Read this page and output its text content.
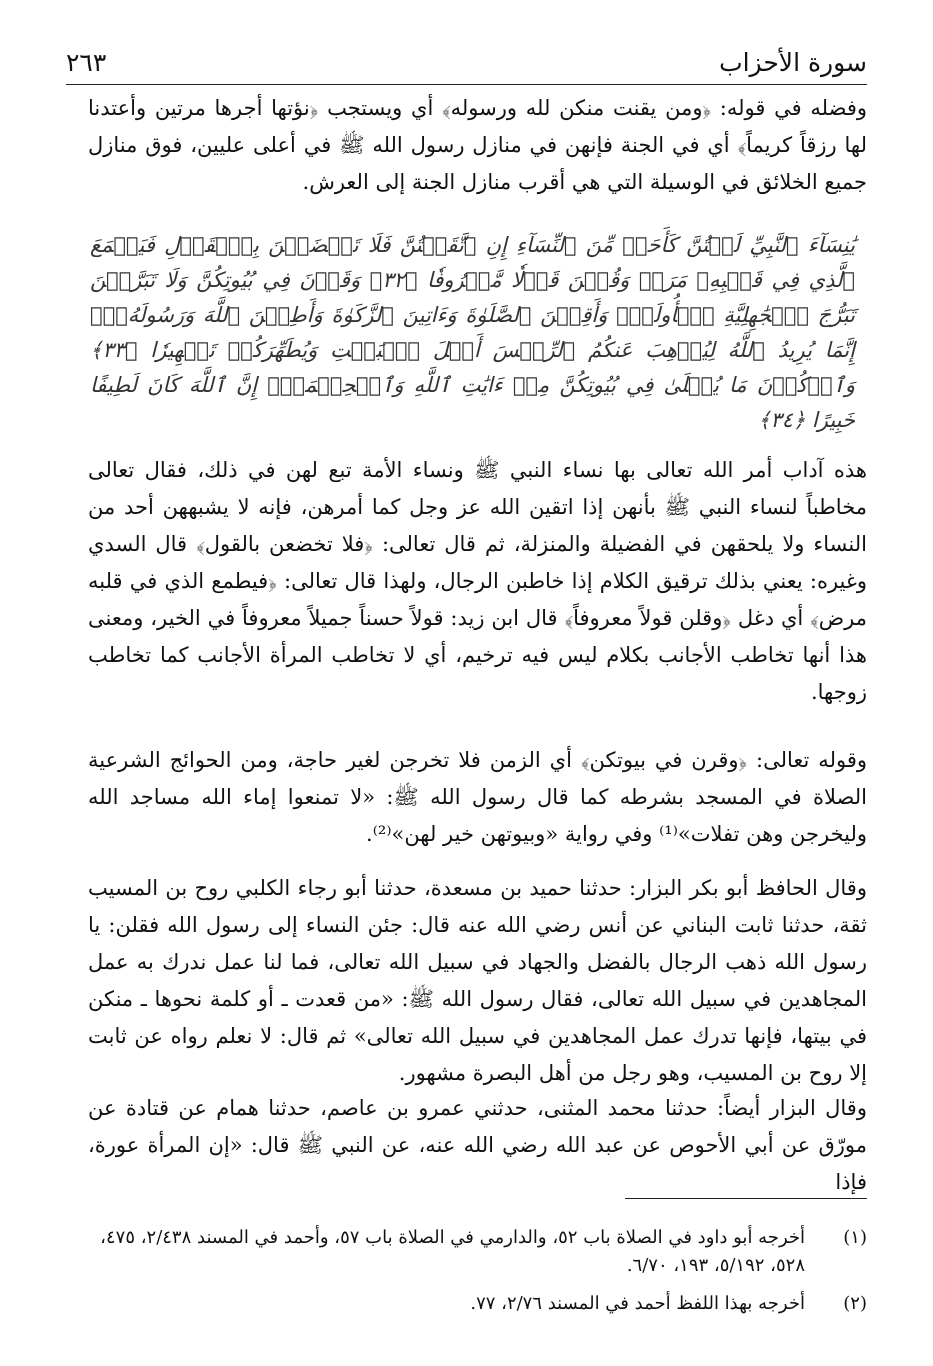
سورة الأحزاب
٢٦٣

وفضله في قوله: ﴿ومن يقنت منكن لله ورسوله﴾ أي ويستجب ﴿نؤتها أجرها مرتين وأعتدنا لها رزقاً كريماً﴾ أي في الجنة فإنهن في منازل رسول الله ﷺ في أعلى عليين، فوق منازل جميع الخلائق في الوسيلة التي هي أقرب منازل الجنة إلى العرش.

يَٰنِسَآءَ ٱلنَّبِيِّ لَسۡتُنَّ كَأَحَدٖ مِّنَ ٱلنِّسَآءِ إِنِ ٱتَّقَيۡتُنَّ فَلَا تَخۡضَعۡنَ بِٱلۡقَوۡلِ فَيَطۡمَعَ ٱلَّذِي فِي قَلۡبِهِۦ مَرَضٞ وَقُلۡنَ قَوۡلٗا مَّعۡرُوفٗا ﴿٣٢﴾ وَقَرۡنَ فِي بُيُوتِكُنَّ وَلَا تَبَرَّجۡنَ تَبَرُّجَ ٱلۡجَٰهِلِيَّةِ ٱلۡأُولَىٰۖ وَأَقِمۡنَ ٱلصَّلَوٰةَ وَءَاتِينَ ٱلزَّكَوٰةَ وَأَطِعۡنَ ٱللَّهَ وَرَسُولَهُۥٓۚ إِنَّمَا يُرِيدُ ٱللَّهُ لِيُذۡهِبَ عَنكُمُ ٱلرِّجۡسَ أَهۡلَ ٱلۡبَيۡتِ وَيُطَهِّرَكُمۡ تَطۡهِيرٗا ﴿٣٣﴾ وَٱذۡكُرۡنَ مَا يُتۡلَىٰ فِي بُيُوتِكُنَّ مِنۡ ءَايَٰتِ ٱللَّهِ وَٱلۡحِكۡمَةِۚ إِنَّ ٱللَّهَ كَانَ لَطِيفًا خَبِيرًا ﴿٣٤﴾

هذه آداب أمر الله تعالى بها نساء النبي ﷺ ونساء الأمة تبع لهن في ذلك، فقال تعالى مخاطباً لنساء النبي ﷺ بأنهن إذا اتقين الله عز وجل كما أمرهن، فإنه لا يشبههن أحد من النساء ولا يلحقهن في الفضيلة والمنزلة، ثم قال تعالى: ﴿فلا تخضعن بالقول﴾ قال السدي وغيره: يعني بذلك ترقيق الكلام إذا خاطبن الرجال، ولهذا قال تعالى: ﴿فيطمع الذي في قلبه مرض﴾ أي دغل ﴿وقلن قولاً معروفاً﴾ قال ابن زيد: قولاً حسناً جميلاً معروفاً في الخير، ومعنى هذا أنها تخاطب الأجانب بكلام ليس فيه ترخيم، أي لا تخاطب المرأة الأجانب كما تخاطب زوجها.

وقوله تعالى: ﴿وقرن في بيوتكن﴾ أي الزمن فلا تخرجن لغير حاجة، ومن الحوائج الشرعية الصلاة في المسجد بشرطه كما قال رسول الله ﷺ: «لا تمنعوا إماء الله مساجد الله وليخرجن وهن تفلات»⁽¹⁾ وفي رواية «وبيوتهن خير لهن»⁽²⁾.

وقال الحافظ أبو بكر البزار: حدثنا حميد بن مسعدة، حدثنا أبو رجاء الكلبي روح بن المسيب ثقة، حدثنا ثابت البناني عن أنس رضي الله عنه قال: جئن النساء إلى رسول الله فقلن: يا رسول الله ذهب الرجال بالفضل والجهاد في سبيل الله تعالى، فما لنا عمل ندرك به عمل المجاهدين في سبيل الله تعالى، فقال رسول الله ﷺ: «من قعدت ـ أو كلمة نحوها ـ منكن في بيتها، فإنها تدرك عمل المجاهدين في سبيل الله تعالى» ثم قال: لا نعلم رواه عن ثابت إلا روح بن المسيب، وهو رجل من أهل البصرة مشهور.

وقال البزار أيضاً: حدثنا محمد المثنى، حدثني عمرو بن عاصم، حدثنا همام عن قتادة عن مورّق عن أبي الأحوص عن عبد الله رضي الله عنه، عن النبي ﷺ قال: «إن المرأة عورة، فإذا

(١)
أخرجه أبو داود في الصلاة باب ٥٢، والدارمي في الصلاة باب ٥٧، وأحمد في المسند ٢/٤٣٨، ٤٧٥، ٥٢٨، ٥/١٩٢، ١٩٣، ٦/٧٠.
(٢)
أخرجه بهذا اللفظ أحمد في المسند ٢/٧٦، ٧٧.
